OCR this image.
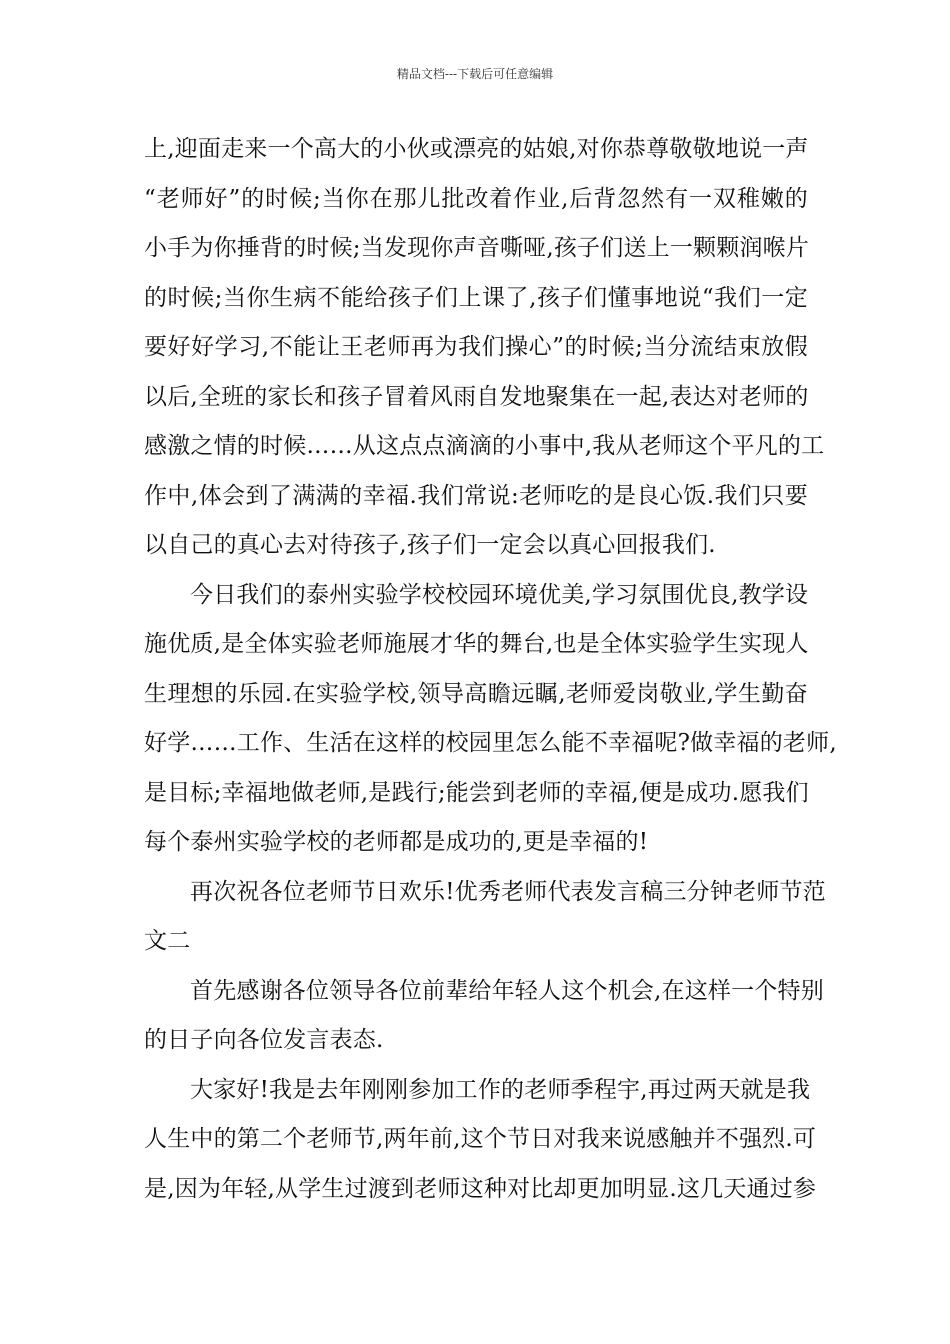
精品文档---下载后可任意编辑
上,迎面走来一个高大的小伙或漂亮的姑娘,对你恭尊敬敬地说一声
“老师好”的时候;当你在那儿批改着作业,后背忽然有一双稚嫩的
小手为你捶背的时候;当发现你声音嘶哑,孩子们送上一颗颗润喉片
的时候;当你生病不能给孩子们上课了,孩子们懂事地说“我们一定
要好好学习,不能让王老师再为我们操心”的时候;当分流结束放假
以后,全班的家长和孩子冒着风雨自发地聚集在一起,表达对老师的
感激之情的时候……从这点点滴滴的小事中,我从老师这个平凡的工
作中,体会到了满满的幸福.我们常说:老师吃的是良心饭.我们只要
以自己的真心去对待孩子,孩子们一定会以真心回报我们.
今日我们的泰州实验学校校园环境优美,学习氛围优良,教学设
施优质,是全体实验老师施展才华的舞台,也是全体实验学生实现人
生理想的乐园.在实验学校,领导高瞻远瞩,老师爱岗敬业,学生勤奋
好学……工作、生活在这样的校园里怎么能不幸福呢?做幸福的老师,
是目标;幸福地做老师,是践行;能尝到老师的幸福,便是成功.愿我们
每个泰州实验学校的老师都是成功的,更是幸福的!
再次祝各位老师节日欢乐!优秀老师代表发言稿三分钟老师节范
文二
首先感谢各位领导各位前辈给年轻人这个机会,在这样一个特别
的日子向各位发言表态.
大家好!我是去年刚刚参加工作的老师季程宇,再过两天就是我
人生中的第二个老师节,两年前,这个节日对我来说感触并不强烈.可
是,因为年轻,从学生过渡到老师这种对比却更加明显.这几天通过参
